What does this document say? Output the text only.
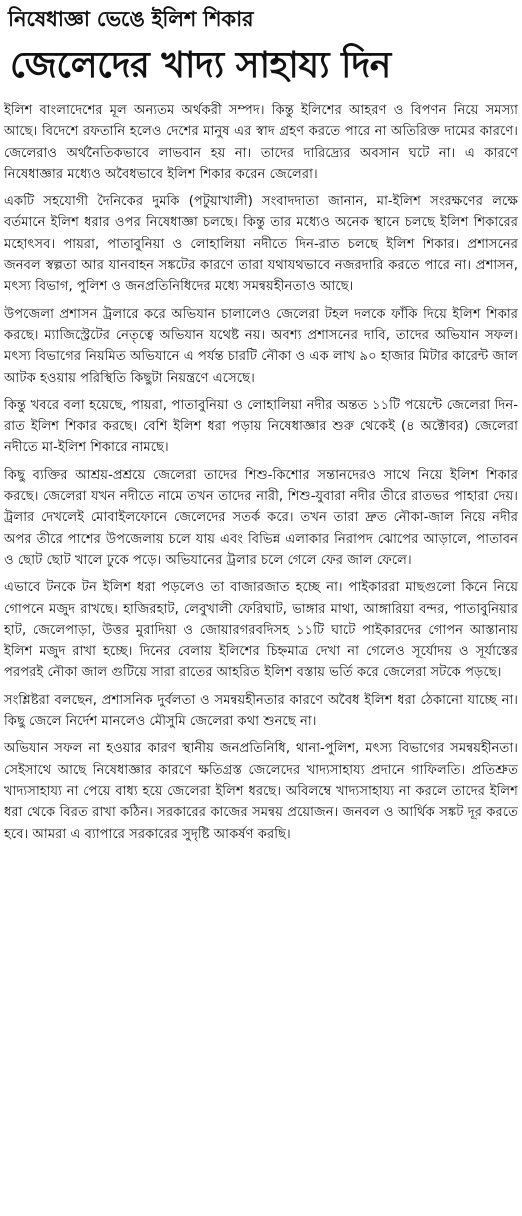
নিষেধাজ্ঞা ভেঙে ইলিশ শিকার
জেলেদের খাদ্য সাহায্য দিন

ইলিশ বাংলাদেশের মূল অন্যতম অর্থকরী সম্পদ। কিন্তু ইলিশের আহরণ ও বিপণন নিয়ে সমস্যা আছে। বিদেশে রফতানি হলেও দেশের মানুষ এর স্বাদ গ্রহণ করতে পারে না অতিরিক্ত দামের কারণে। জেলেরাও অর্থনৈতিকভাবে লাভবান হয় না। তাদের দারিদ্র্যের অবসান ঘটে না। এ কারণে নিষেধাজ্ঞার মধ্যেও অবৈধভাবে ইলিশ শিকার করেন জেলেরা।

একটি সহযোগী দৈনিকের দুমকি (পটুয়াখালী) সংবাদদাতা জানান, মা-ইলিশ সংরক্ষণের লক্ষে বর্তমানে ইলিশ ধরার ওপর নিষেধাজ্ঞা চলছে। কিন্তু তার মধ্যেও অনেক স্থানে চলছে ইলিশ শিকারের মহোৎসব। পায়রা, পাতাবুনিয়া ও লোহালিয়া নদীতে দিন-রাত চলছে ইলিশ শিকার। প্রশাসনের জনবল স্বল্পতা আর যানবাহন সঙ্কটের কারণে তারা যথাযথভাবে নজরদারি করতে পারে না। প্রশাসন, মৎস্য বিভাগ, পুলিশ ও জনপ্রতিনিধিদের মধ্যে সমন্বয়হীনতাও আছে।

উপজেলা প্রশাসন ট্রলারে করে অভিযান চালালেও জেলেরা টহল দলকে ফাঁকি দিয়ে ইলিশ শিকার করছে। ম্যাজিস্ট্রেটের নেতৃত্বে অভিযান যথেষ্ট নয়। অবশ্য প্রশাসনের দাবি, তাদের অভিযান সফল। মৎস্য বিভাগের নিয়মিত অভিযানে এ পর্যন্ত চারটি নৌকা ও এক লাখ ৯০ হাজার মিটার কারেন্ট জাল আটক হওয়ায় পরিস্থিতি কিছুটা নিয়ন্ত্রণে এসেছে।

কিন্তু খবরে বলা হয়েছে, পায়রা, পাতাবুনিয়া ও লোহালিয়া নদীর অন্তত ১১টি পয়েন্টে জেলেরা দিন-রাত ইলিশ শিকার করছে। বেশি ইলিশ ধরা পড়ায় নিষেধাজ্ঞার শুরু থেকেই (৪ অক্টোবর) জেলেরা নদীতে মা-ইলিশ শিকারে নামছে।

কিছু ব্যক্তির আশ্রয়-প্রশ্রয়ে জেলেরা তাদের শিশু-কিশোর সন্তানদেরও সাথে নিয়ে ইলিশ শিকার করছে। জেলেরা যখন নদীতে নামে তখন তাদের নারী, শিশু-যুবারা নদীর তীরে রাতভর পাহারা দেয়। ট্রলার দেখলেই মোবাইলফোনে জেলেদের সতর্ক করে। তখন তারা দ্রুত নৌকা-জাল নিয়ে নদীর অপর তীরে পাশের উপজেলায় চলে যায় এবং বিভিন্ন এলাকার নিরাপদ ঝোপের আড়ালে, পাতাবন ও ছোট ছোট খালে ঢুকে পড়ে। অভিযানের ট্রলার চলে গেলে ফের জাল ফেলে।

এভাবে টনকে টন ইলিশ ধরা পড়লেও তা বাজারজাত হচ্ছে না। পাইকাররা মাছগুলো কিনে নিয়ে গোপনে মজুদ রাখছে। হাজিরহাট, লেবুখালী ফেরিঘাট, ভাঙ্গার মাথা, আঙ্গারিয়া বন্দর, পাতাবুনিয়ার হাট, জেলেপাড়া, উত্তর মুরাদিয়া ও জোয়ারগরবদিসহ ১১টি ঘাটে পাইকারদের গোপন আস্তানায় ইলিশ মজুদ রাখা হচ্ছে। দিনের বেলায় ইলিশের চিহ্নমাত্র দেখা না গেলেও সূর্যোদয় ও সূর্যাস্তের পরপরই নৌকা জাল গুটিয়ে সারা রাতের আহরিত ইলিশ বস্তায় ভর্তি করে জেলেরা সটকে পড়ছে।

সংশ্লিষ্টরা বলছেন, প্রশাসনিক দুর্বলতা ও সমন্বয়হীনতার কারণে অবৈধ ইলিশ ধরা ঠেকানো যাচ্ছে না। কিছু জেলে নির্দেশ মানলেও মৌসুমি জেলেরা কথা শুনছে না।

অভিযান সফল না হওয়ার কারণ স্থানীয় জনপ্রতিনিধি, থানা-পুলিশ, মৎস্য বিভাগের সমন্বয়হীনতা। সেইসাথে আছে নিষেধাজ্ঞার কারণে ক্ষতিগ্রস্ত জেলেদের খাদ্যসাহায্য প্রদানে গাফিলতি। প্রতিশ্রুত খাদ্যসাহায্য না পেয়ে বাধ্য হয়ে জেলেরা ইলিশ ধরছে। অবিলম্বে খাদ্যসাহায্য না করলে তাদের ইলিশ ধরা থেকে বিরত রাখা কঠিন। সরকারের কাজের সমন্বয় প্রয়োজন। জনবল ও আর্থিক সঙ্কট দূর করতে হবে। আমরা এ ব্যাপারে সরকারের সুদৃষ্টি আকর্ষণ করছি।
